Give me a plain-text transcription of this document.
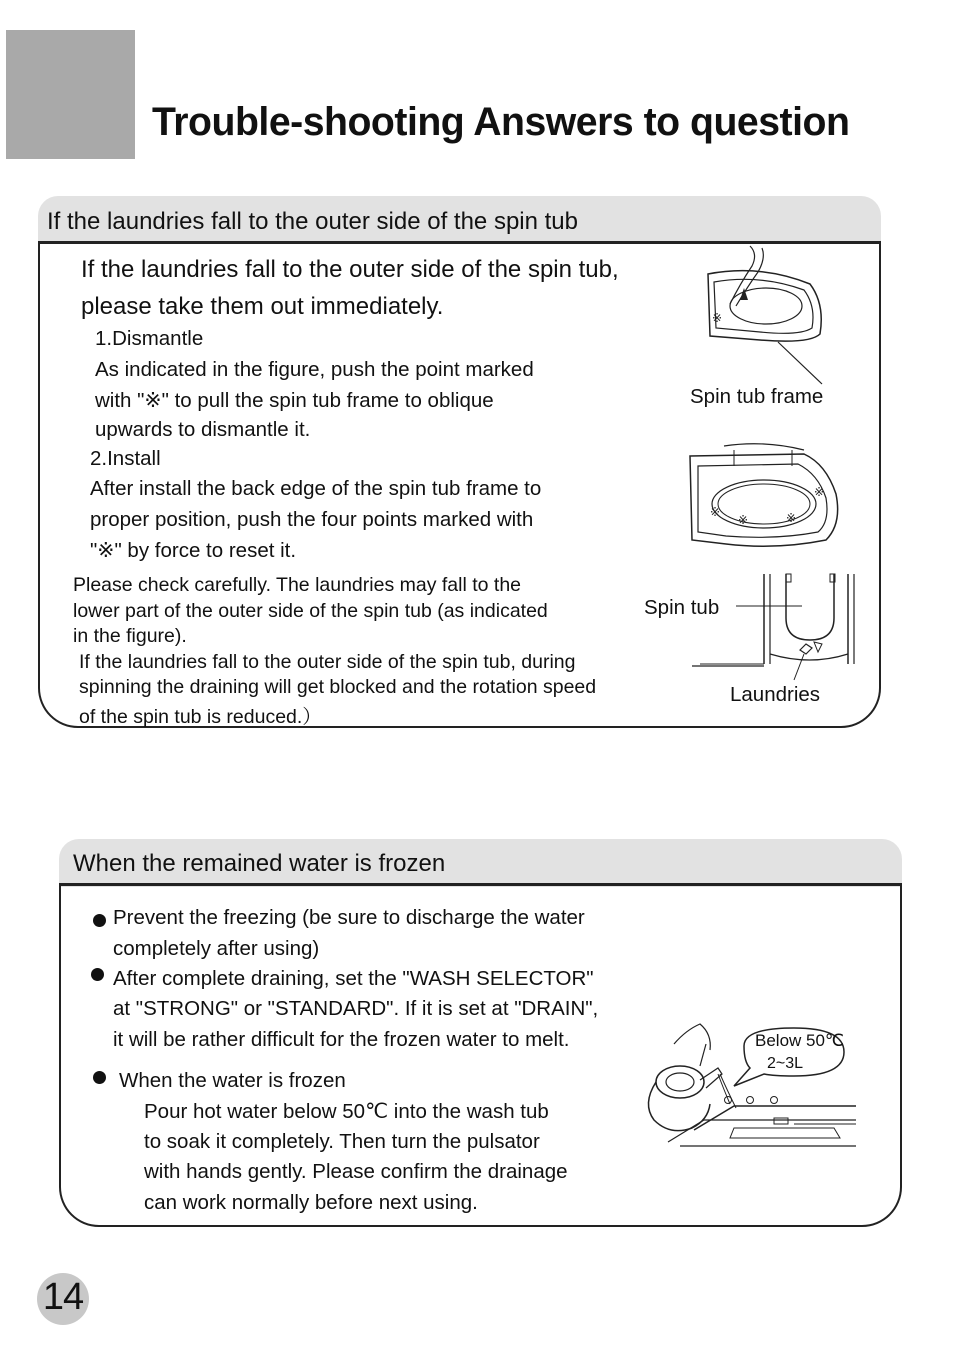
Trouble-shooting Answers to question
If the laundries fall to the outer side of the spin tub
If the laundries fall to the outer side of the spin tub,
please take them out immediately.
1.Dismantle
As indicated in the figure, push the point marked
with "※" to pull the spin tub frame to oblique
upwards to dismantle it.
2.Install
After install the back edge of the spin tub frame to
proper position, push the four points marked with
"※" by force to reset it.
Please check carefully. The laundries may fall to the
lower part of the outer side of the spin tub (as indicated
in the figure).
If the laundries fall to the outer side of the spin tub, during
spinning the draining will get blocked and the rotation speed
of the spin tub is reduced.）
※
Spin tub frame
※
※	※
※
Spin tub
Laundries
When the remained water is frozen
Prevent the freezing (be sure to discharge the water
completely after using)
After complete draining, set the "WASH SELECTOR"
at "STRONG" or "STANDARD". If it is set at "DRAIN",
it will be rather difficult for the frozen water to melt.
When the water is frozen
Pour hot water below 50℃ into the wash tub
to soak it completely. Then turn the pulsator
with hands gently. Please confirm the drainage
can work normally before next using.
Below 50℃
2~3L
14
